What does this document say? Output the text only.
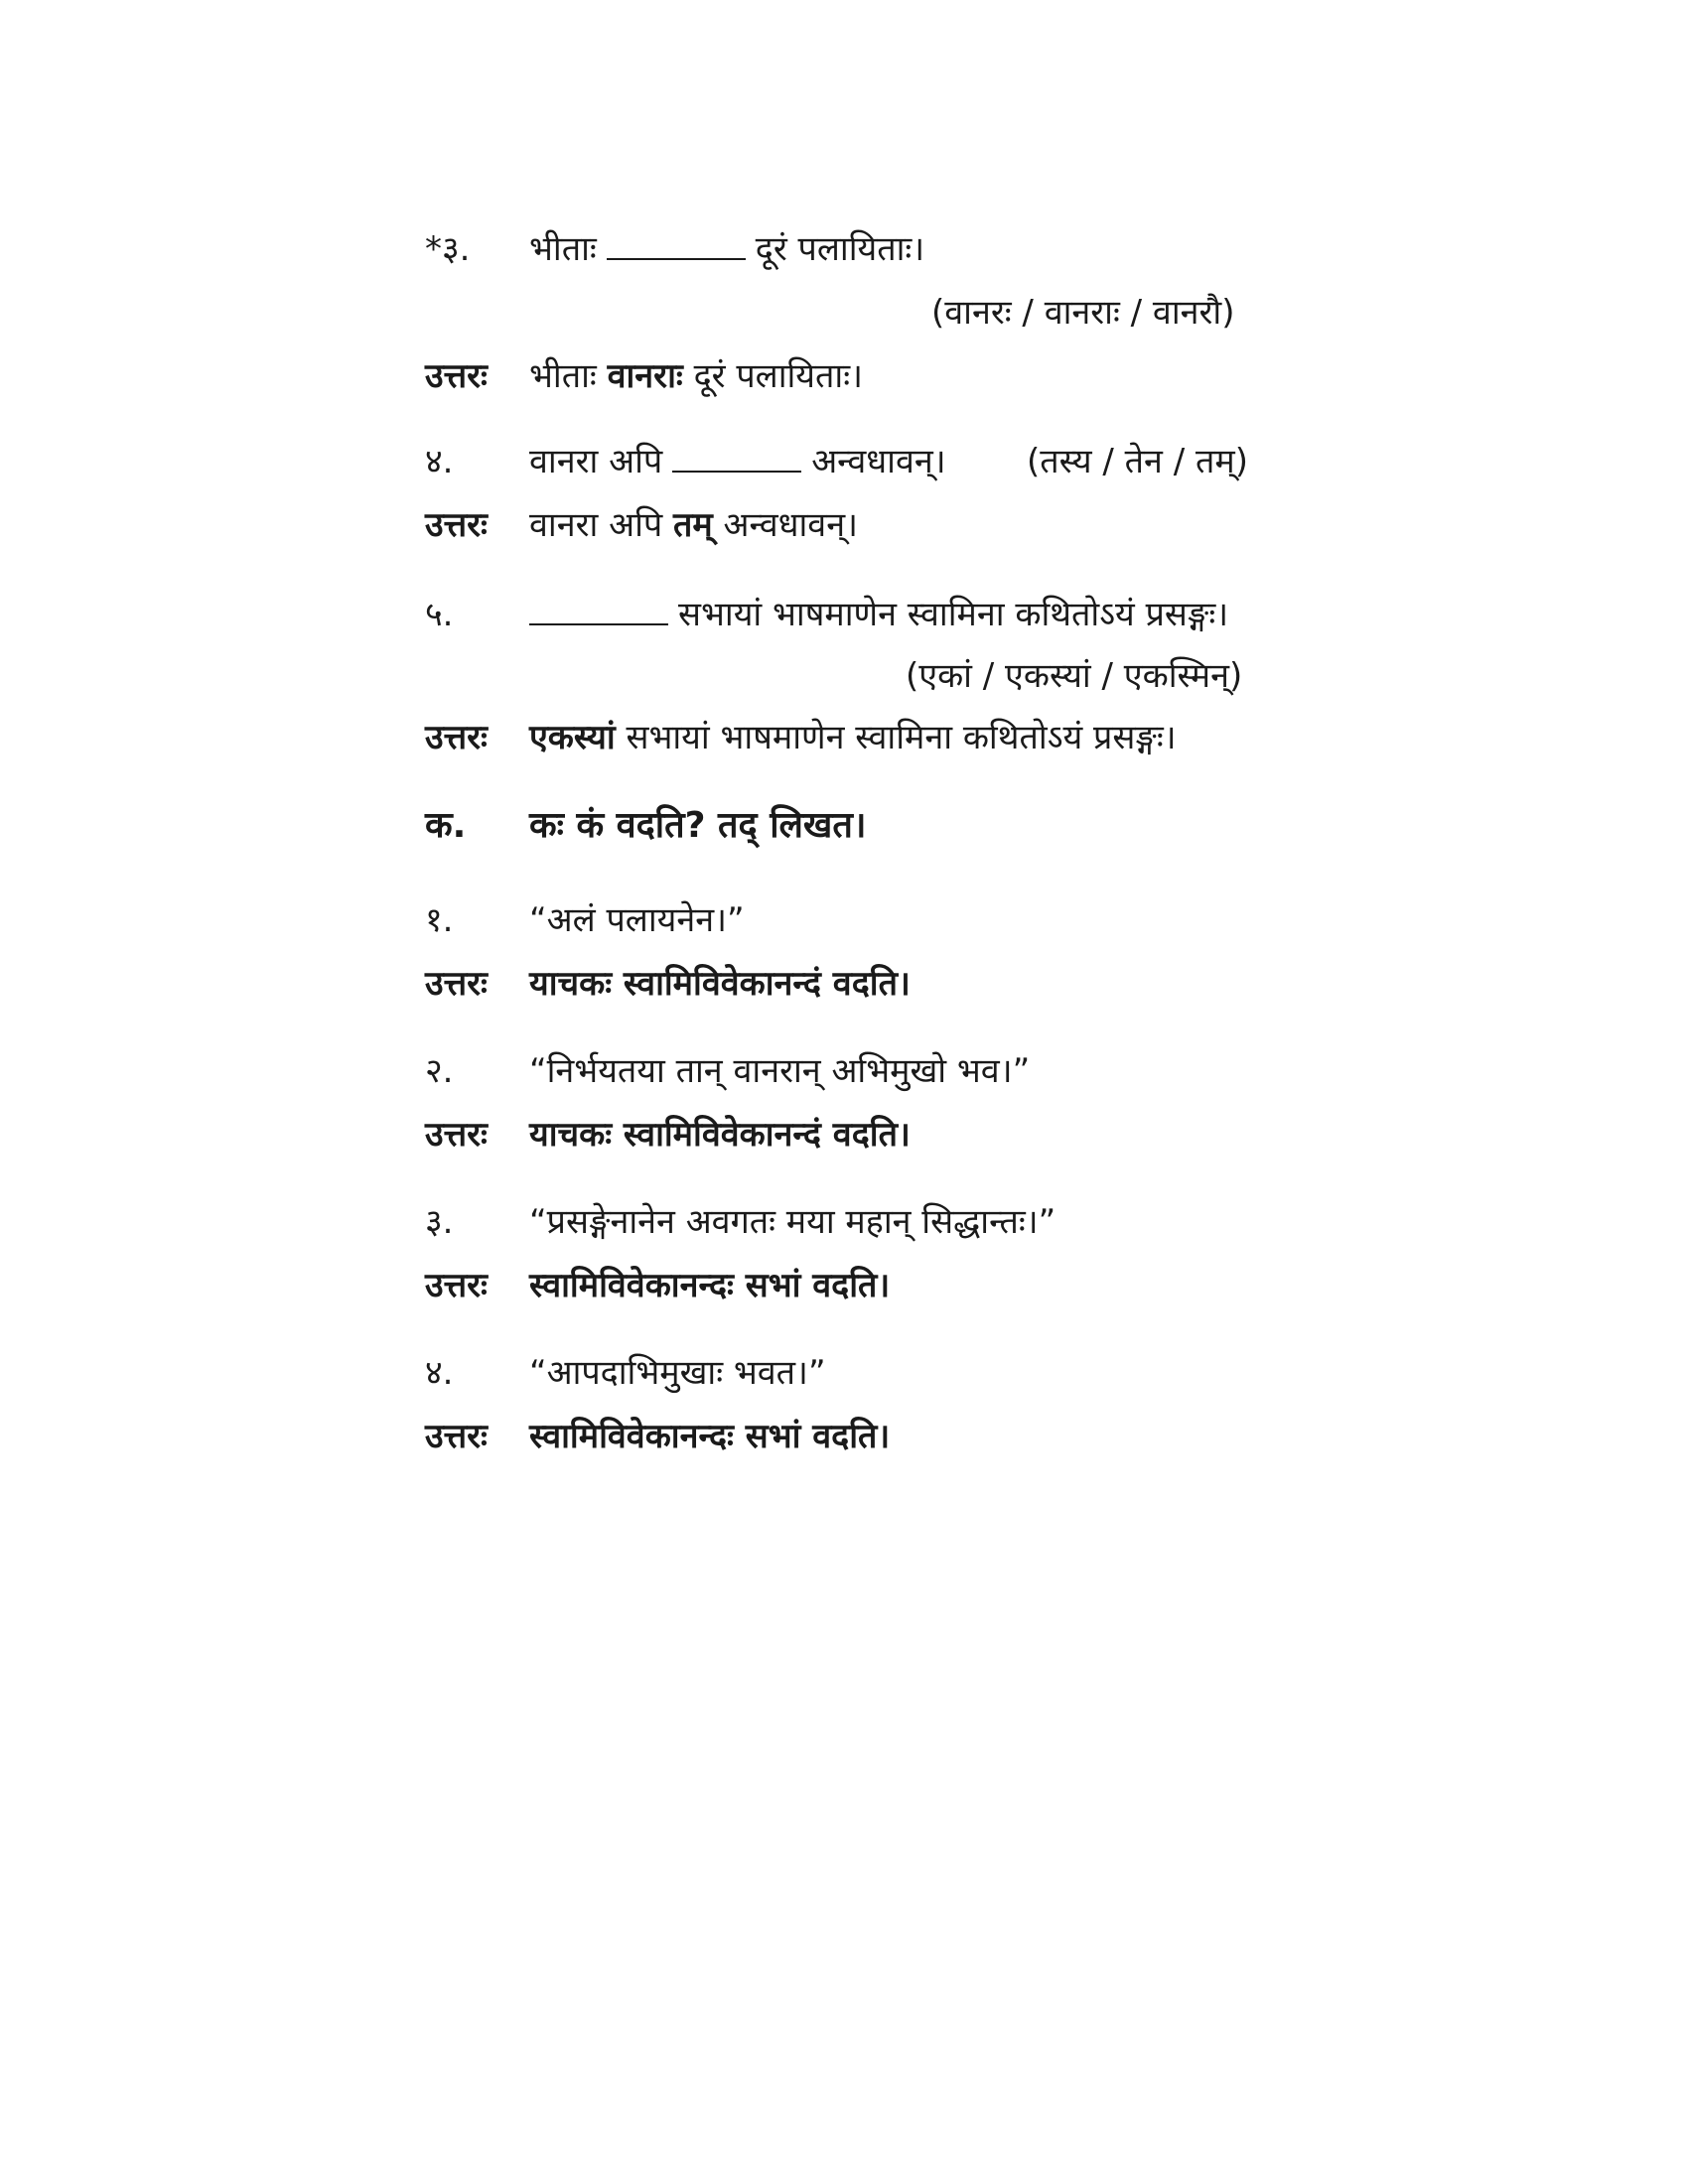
*३. भीताः	दूरं पलायिताः।
(वानरः / वानराः / वानरौ)
उत्तरः भीताः वानराः दूरं पलायिताः।
४. वानरा अपि	अन्वधावन्। (तस्य / तेन / तम्)
उत्तरः वानरा अपि तम् अन्वधावन्।
५.	सभायां भाषमाणेन स्वामिना कथितोऽयं प्रसङ्गः।
(एकां / एकस्यां / एकस्मिन्)
उत्तरः एकस्यां सभायां भाषमाणेन स्वामिना कथितोऽयं प्रसङ्गः।
क. कः कं वदति? तद् लिखत।
१. “अलं पलायनेन।”
उत्तरः याचकः स्वामिविवेकानन्दं वदति।
२. “निर्भयतया तान् वानरान् अभिमुखो भव।”
उत्तरः याचकः स्वामिविवेकानन्दं वदति।
३. “प्रसङ्गेनानेन अवगतः मया महान् सिद्धान्तः।”
उत्तरः स्वामिविवेकानन्दः सभां वदति।
४. “आपदाभिमुखाः भवत।”
उत्तरः स्वामिविवेकानन्दः सभां वदति।
